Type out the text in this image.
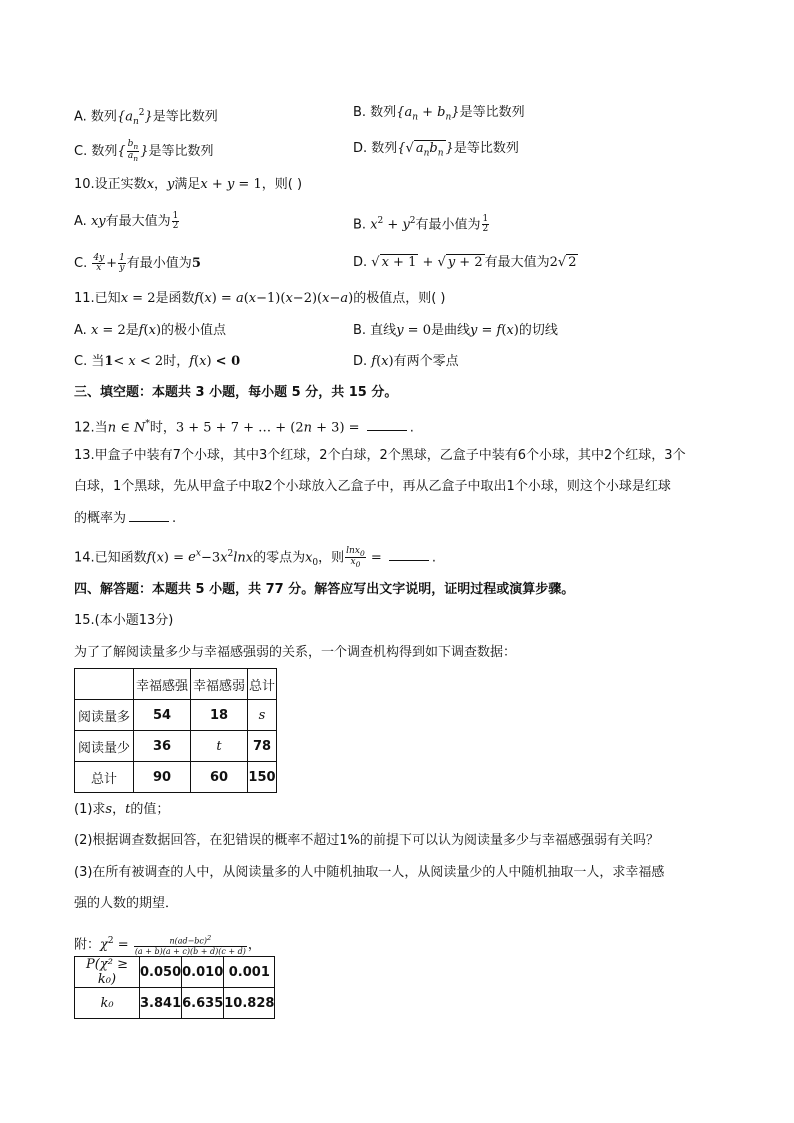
A. 数列$\{a_n^2\}$是等比数列	B. 数列$\{a_n + b_n\}$是等比数列
C. 数列{ $\frac{b_n}{a_n}$ }是等比数列	D. 数列{√ $a_nb_n$ }是等比数列
10.设正实数x，y满足x + y = 1，则( )
A. xy有最大值为 $\frac{1}{2}$	B. $x^2 + y^2$有最小值为 $\frac{1}{2}$
C. $\frac{4y}{x} + \frac{1}{y}$ 有最小值为5	D. √ x + 1 + √ y + 2 有最大值为2√ 2
11.已知x = 2是函数f(x) = a(x−1)(x−2)(x−a)的极值点，则( )
A. x = 2是f(x)的极小值点	B. 直线y = 0是曲线y = f(x)的切线
C. 当1< x < 2时，f(x) < 0	D. f(x)有两个零点
三、填空题：本题共 3 小题，每小题 5 分，共 15 分。
12.当n ∈ N*时，3 + 5 + 7 + … + (2n + 3) =	.
13.甲盒子中装有7个小球，其中3个红球，2个白球，2个黑球，乙盒子中装有6个小球，其中2个红球，3个
白球，1个黑球，先从甲盒子中取2个小球放入乙盒子中，再从乙盒子中取出1个小球，则这个小球是红球
的概率为	.
14.已知函数$f(x) = e^x-3x^2\ln x$的零点为$x_0$，则 $\frac{\ln x_0}{x_0}$ =	.
四、解答题：本题共 5 小题，共 77 分。解答应写出文字说明，证明过程或演算步骤。
15.(本小题13分)
为了了解阅读量多少与幸福感强弱的关系，一个调查机构得到如下调查数据：
	幸福感强	幸福感弱	总计
阅读量多	54	18	s
阅读量少	36	t	78
总计	90	60	150
(1)求s，t的值；
(2)根据调查数据回答，在犯错误的概率不超过1%的前提下可以认为阅读量多少与幸福感强弱有关吗？
(3)在所有被调查的人中，从阅读量多的人中随机抽取一人，从阅读量少的人中随机抽取一人，求幸福感
强的人数的期望．
附：$\chi^2 = \frac{n(ad-bc)^2}{(a + b)(a + c)(b + d)(c + d)}$ ，
P(χ² ≥ k₀)	0.050	0.010	0.001
k₀	3.841	6.635	10.828
